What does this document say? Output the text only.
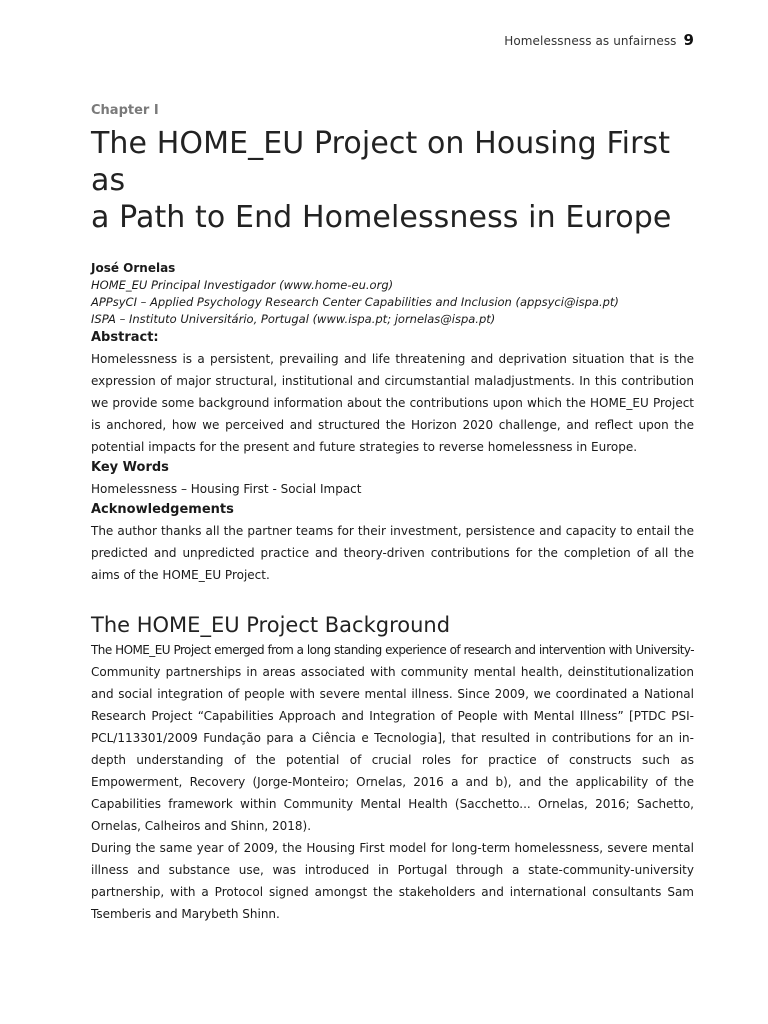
Homelessness as unfairness 9

Chapter I

The HOME_EU Project on Housing First as
a Path to End Homelessness in Europe
José Ornelas
HOME_EU Principal Investigador (www.home-eu.org)
APPsyCI – Applied Psychology Research Center Capabilities and Inclusion (appsyci@ispa.pt)
ISPA – Instituto Universitário, Portugal (www.ispa.pt; jornelas@ispa.pt)
Abstract:

Homelessness is a persistent, prevailing and life threatening and deprivation situation that is the expression of major structural, institutional and circumstantial maladjustments. In this contribution we provide some background information about the contributions upon which the HOME_EU Project is anchored, how we perceived and structured the Horizon 2020 challenge, and reflect upon the potential impacts for the present and future strategies to reverse homelessness in Europe.

Key Words

Homelessness – Housing First - Social Impact

Acknowledgements

The author thanks all the partner teams for their investment, persistence and capacity to entail the predicted and unpredicted practice and theory-driven contributions for the completion of all the aims of the HOME_EU Project.

The HOME_EU Project Background

The HOME_EU Project emerged from a long standing experience of research and intervention with University- Community partnerships in areas associated with community mental health, deinstitutionalization and social integration of people with severe mental illness. Since 2009, we coordinated a National Research Project “Capabilities Approach and Integration of People with Mental Illness” [PTDC PSI-PCL/113301/2009 Fundação para a Ciência e Tecnologia], that resulted in contributions for an in-depth understanding of the potential of crucial roles for practice of constructs such as Empowerment, Recovery (Jorge-Monteiro; Ornelas, 2016 a and b), and the applicability of the Capabilities framework within Community Mental Health (Sacchetto... Ornelas, 2016; Sachetto, Ornelas, Calheiros and Shinn, 2018).

During the same year of 2009, the Housing First model for long-term homelessness, severe mental illness and substance use, was introduced in Portugal through a state-community-university partnership, with a Protocol signed amongst the stakeholders and international consultants Sam Tsemberis and Marybeth Shinn.
